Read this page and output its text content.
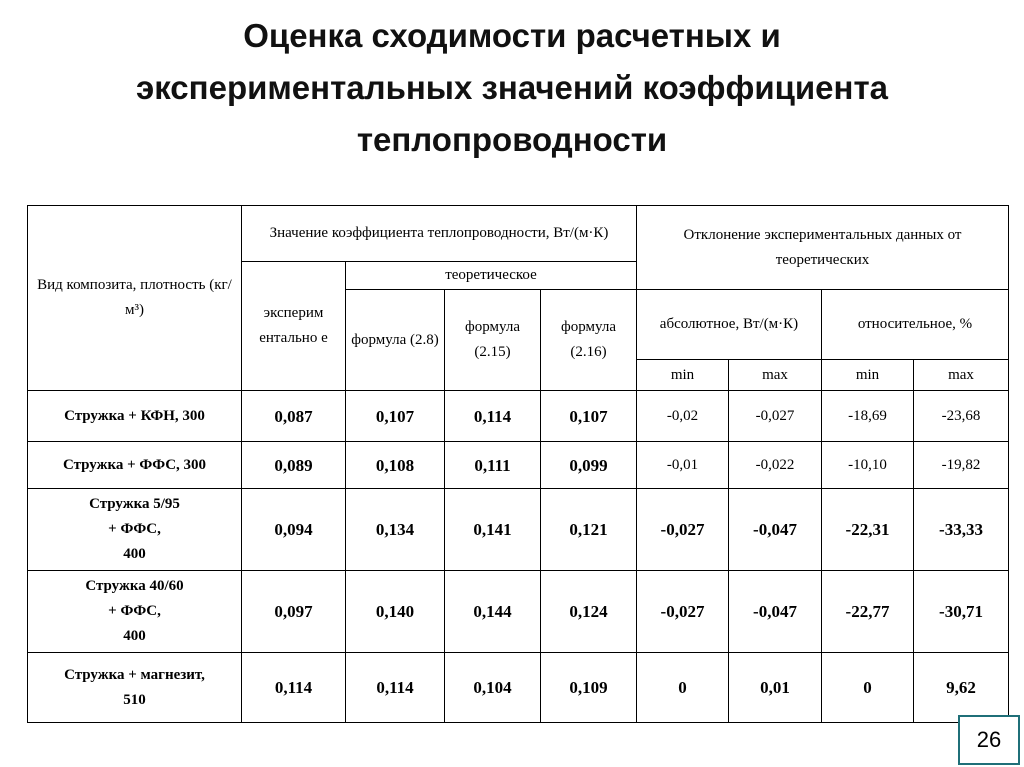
Оценка сходимости расчетных и
экспериментальных значений коэффициента
теплопроводности
Вид композита, плотность (кг/м³)	Значение коэффициента теплопроводности, Вт/(м·К)				Отклонение экспериментальных данных от теоретических			
	эксперим ентально е	теоретическое						
		формула (2.8)	формула (2.15)	формула (2.16)	абсолютное, Вт/(м·К)		относительное, %	
					min	max	min	max
Стружка + КФН, 300	0,087	0,107	0,114	0,107	-0,02	-0,027	-18,69	-23,68
Стружка + ФФС, 300	0,089	0,108	0,111	0,099	-0,01	-0,022	-10,10	-19,82

Стружка 5/95
+ ФФС,
400	0,094	0,134	0,141	0,121	-0,027	-0,047	-22,31	-33,33

Стружка 40/60
+ ФФС,
400	0,097	0,140	0,144	0,124	-0,027	-0,047	-22,77	-30,71

Стружка + магнезит,
510	0,114	0,114	0,104	0,109	0	0,01	0	9,62
26
